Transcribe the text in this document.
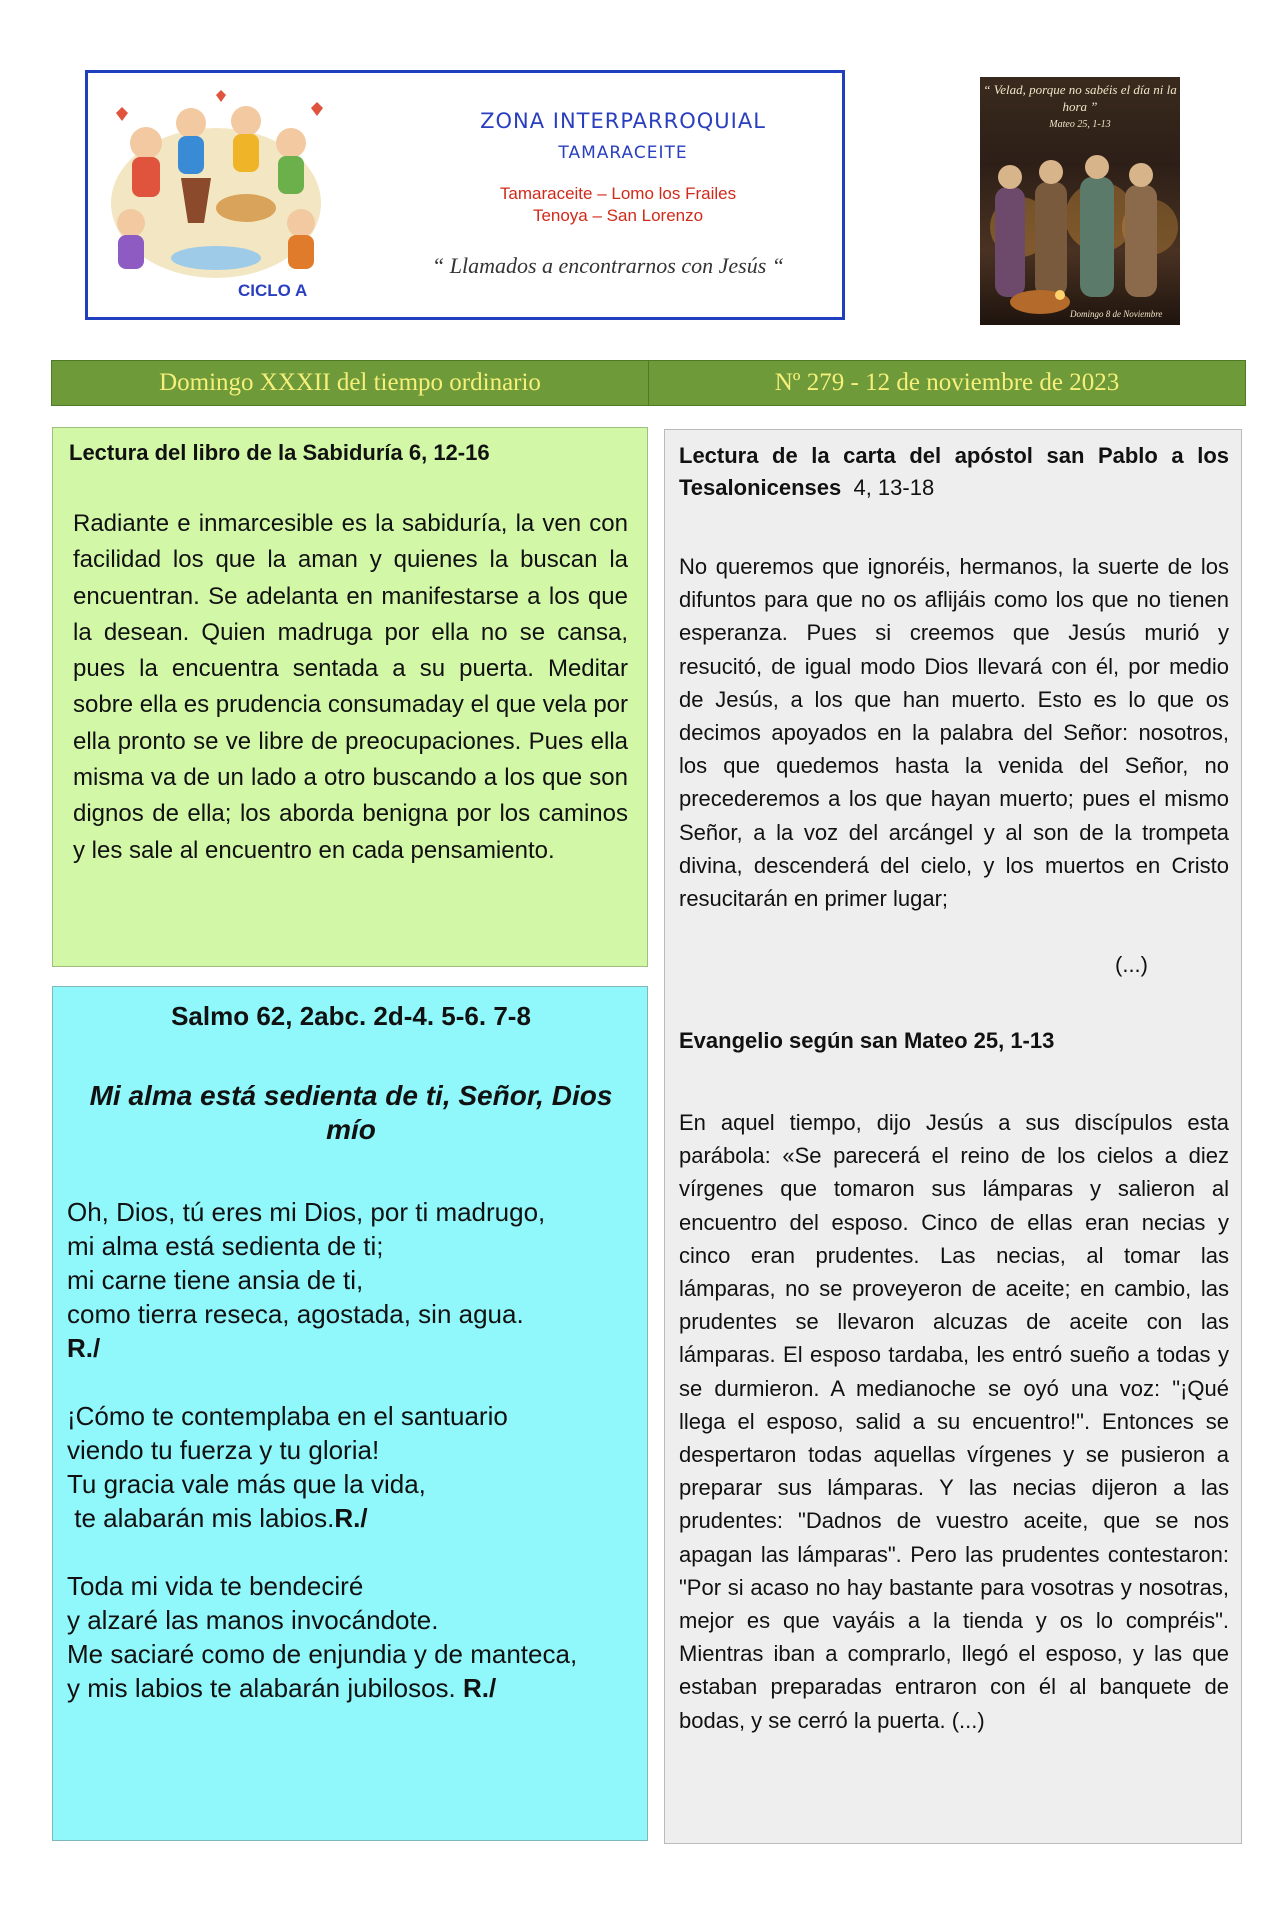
ZONA INTERPARROQUIAL
TAMARACEITE
Tamaraceite – Lomo los Frailes
Tenoya – San Lorenzo
“ Llamados a encontrarnos con Jesús “
CICLO A
“ Velad, porque no sabéis el día ni la hora ”
Mateo 25, 1-13
Domingo 8 de Noviembre
Domingo XXXII del tiempo ordinario	Nº 279 - 12 de noviembre de 2023
Lectura del libro de la Sabiduría 6, 12-16
Radiante e inmarcesible es la sabiduría, la ven con facilidad los que la aman y quienes la buscan la encuentran. Se adelanta en manifestarse a los que la desean. Quien madruga por ella no se cansa, pues la encuentra sentada a su puerta. Meditar sobre ella es prudencia consumaday el que vela por ella pronto se ve libre de preocupaciones. Pues ella misma va de un lado a otro buscando a los que son dignos de ella; los aborda benigna por los caminos y les sale al encuentro en cada pensamiento.
Salmo 62, 2abc. 2d-4. 5-6. 7-8
Mi alma está sedienta de ti, Señor, Dios mío
Oh, Dios, tú eres mi Dios, por ti madrugo,
mi alma está sedienta de ti;
mi carne tiene ansia de ti,
como tierra reseca, agostada, sin agua.
R./
¡Cómo te contemplaba en el santuario
viendo tu fuerza y tu gloria!
Tu gracia vale más que la vida,
te alabarán mis labios.R./
Toda mi vida te bendeciré
y alzaré las manos invocándote.
Me saciaré como de enjundia y de manteca,
y mis labios te alabarán jubilosos. R./
Lectura de la carta del apóstol san Pablo a los Tesalonicenses  4, 13-18
No queremos que ignoréis, hermanos, la suerte de los difuntos para que no os aflijáis como los que no tienen esperanza. Pues si creemos que Jesús murió y resucitó, de igual modo Dios llevará con él, por medio de Jesús, a los que han muerto. Esto es lo que os decimos apoyados en la palabra del Señor: nosotros, los que quedemos hasta la venida del Señor, no precederemos a los que hayan muerto; pues el mismo Señor, a la voz del arcángel y al son de la trompeta divina, descenderá del cielo, y los muertos en Cristo resucitarán en primer lugar;
(...)
Evangelio según san Mateo 25, 1-13
En aquel tiempo, dijo Jesús a sus discípulos esta parábola: «Se parecerá el reino de los cielos a diez vírgenes que tomaron sus lámparas y salieron al encuentro del esposo. Cinco de ellas eran necias y cinco eran prudentes. Las necias, al tomar las lámparas, no se proveyeron de aceite; en cambio, las prudentes se llevaron alcuzas de aceite con las lámparas. El esposo tardaba, les entró sueño a todas y se durmieron. A medianoche se oyó una voz: "¡Qué llega el esposo, salid a su encuentro!". Entonces se despertaron todas aquellas vírgenes y se pusieron a preparar sus lámparas. Y las necias dijeron a las prudentes: "Dadnos de vuestro aceite, que se nos apagan las lámparas". Pero las prudentes contestaron: "Por si acaso no hay bastante para vosotras y nosotras, mejor es que vayáis a la tienda y os lo compréis". Mientras iban a comprarlo, llegó el esposo, y las que estaban preparadas entraron con él al banquete de bodas, y se cerró la puerta. (...)
